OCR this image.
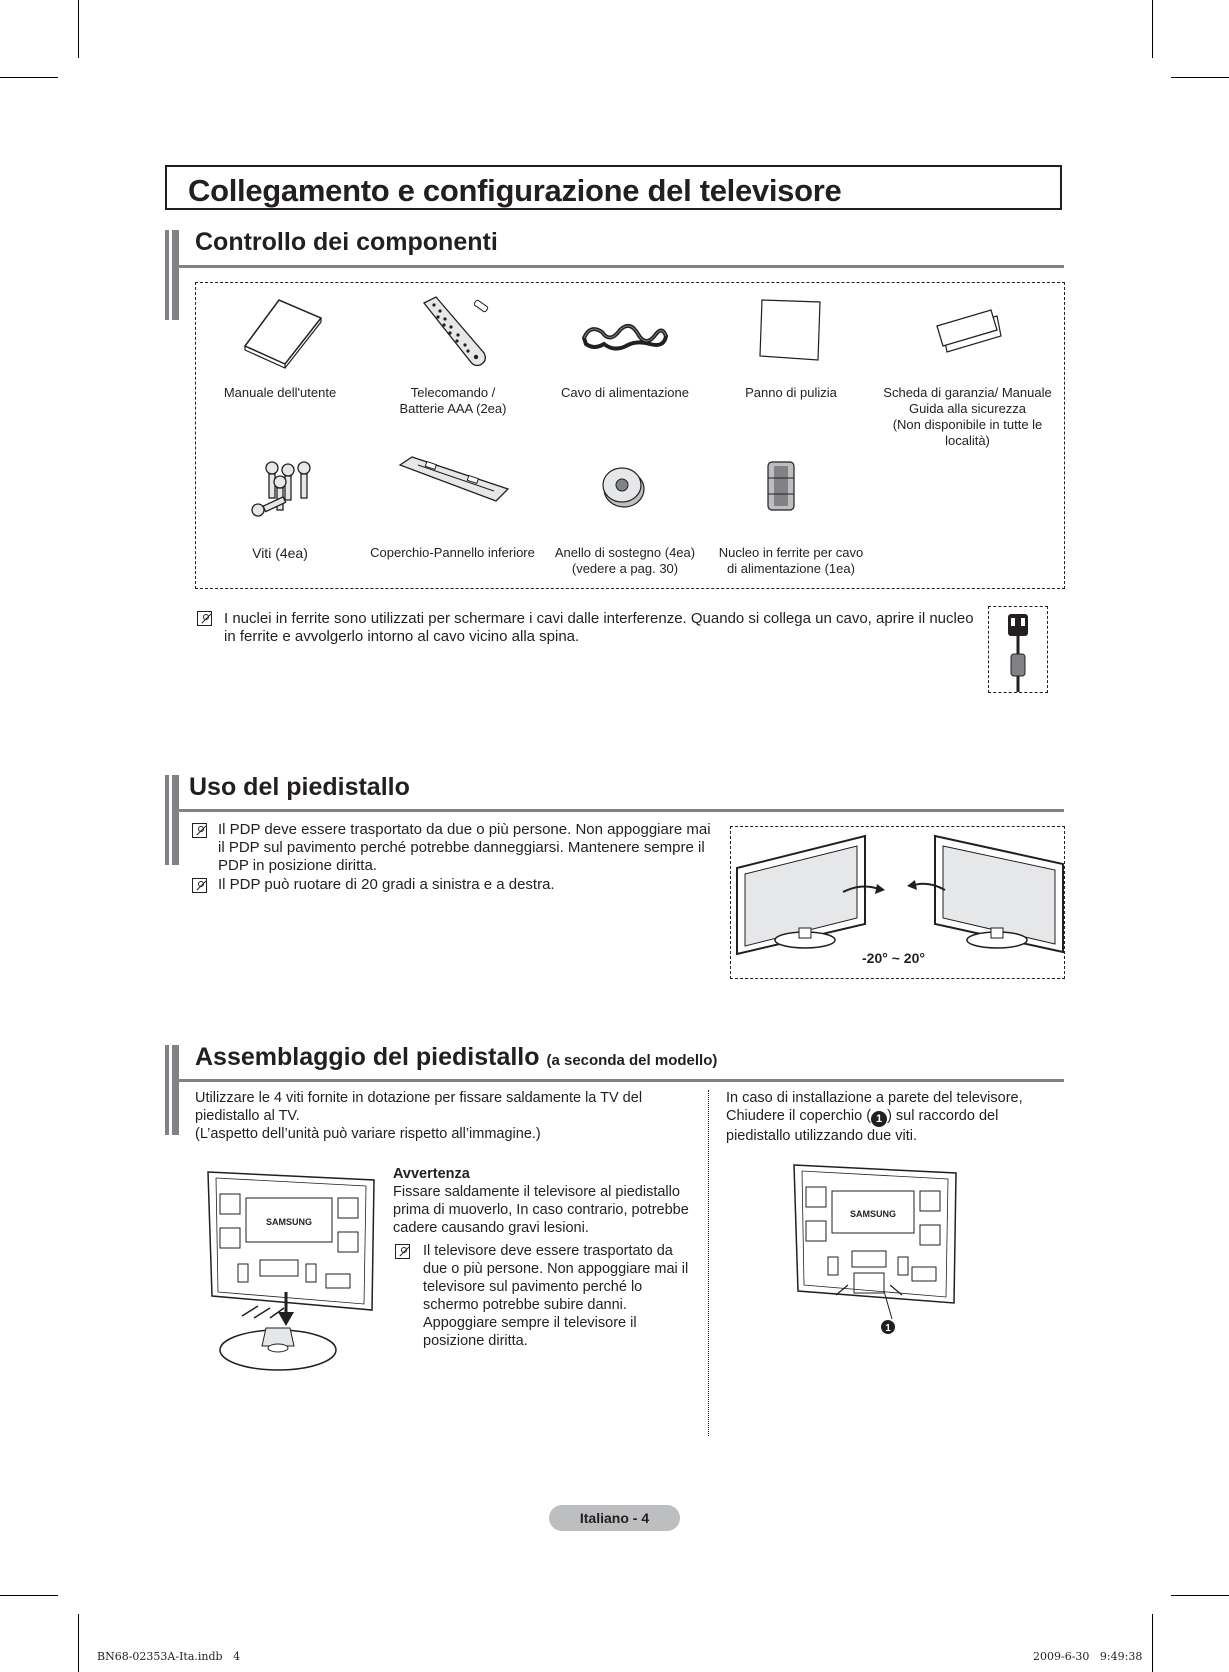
Collegamento e configurazione del televisore
Controllo dei componenti
Manuale dell'utente	Telecomando /
Batterie AAA (2ea)
Cavo di alimentazione	Panno di pulizia	Scheda di garanzia/ Manuale
Guida alla sicurezza
(Non disponibile in tutte le località)
Viti (4ea)	Coperchio-Pannello inferiore	Anello di sostegno (4ea)
(vedere a pag. 30)
Nucleo in ferrite per cavo
di alimentazione (1ea)
I nuclei in ferrite sono utilizzati per schermare i cavi dalle interferenze. Quando si collega un cavo, aprire il nucleo in ferrite e avvolgerlo intorno al cavo vicino alla spina.
Uso del piedistallo
Il PDP deve essere trasportato da due o più persone. Non appoggiare mai il PDP sul pavimento perché potrebbe danneggiarsi. Mantenere sempre il PDP in posizione diritta.
Il PDP può ruotare di 20 gradi a sinistra e a destra.
-20° ~ 20°
Assemblaggio del piedistallo (a seconda del modello)
Utilizzare le 4 viti fornite in dotazione per fissare saldamente la TV del piedistallo al TV.
(L’aspetto dell’unità può variare rispetto all’immagine.)
In caso di installazione a parete del televisore, Chiudere il coperchio ( 1 ) sul raccordo del piedistallo utilizzando due viti.
SAMSUNG
Avvertenza
Fissare saldamente il televisore al piedistallo prima di muoverlo, In caso contrario, potrebbe cadere causando gravi lesioni.
Il televisore deve essere trasportato da due o più persone. Non appoggiare mai il televisore sul pavimento perché lo schermo potrebbe subire danni. Appoggiare sempre il televisore il posizione diritta.
SAMSUNG
1
Italiano - 4
BN68-02353A-Ita.indb   4	2009-6-30   9:49:38
